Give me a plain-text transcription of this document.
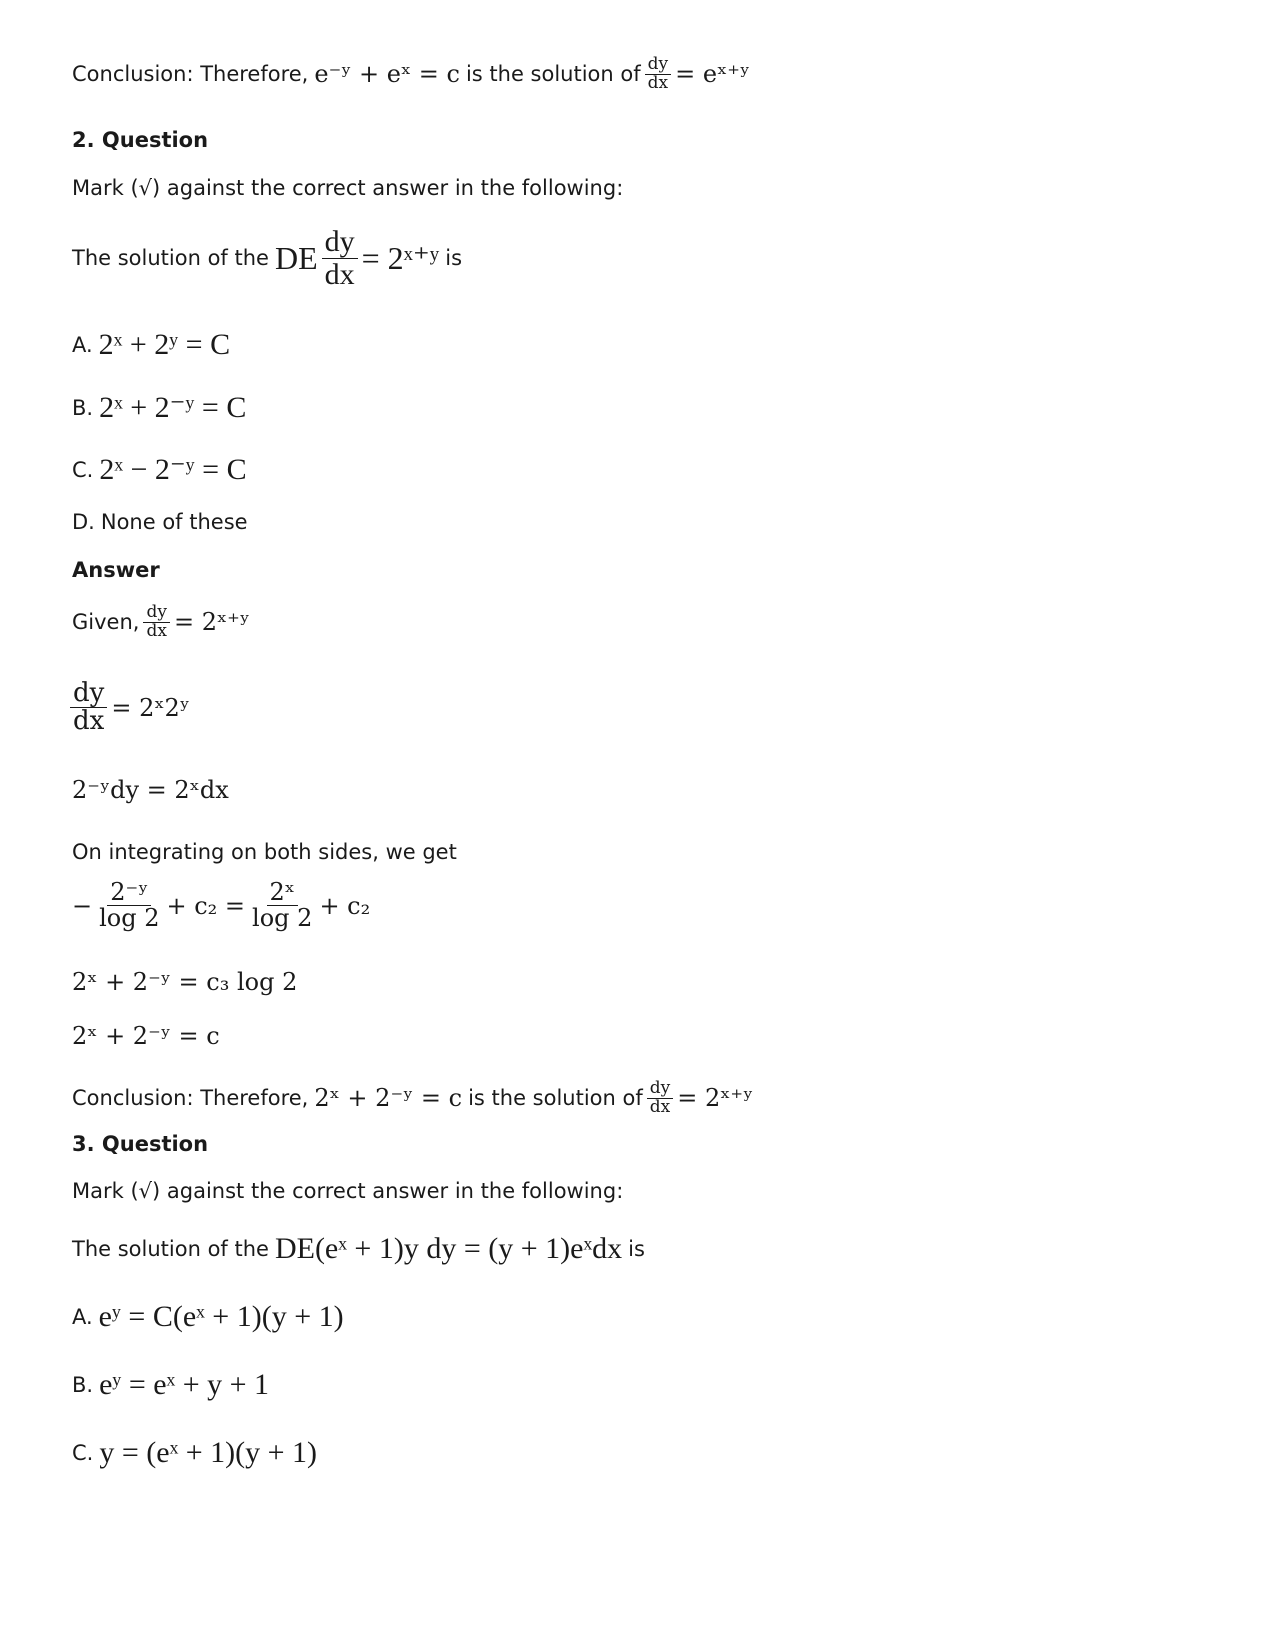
Conclusion: Therefore, e⁻ʸ + eˣ = c is the solution of $\frac{dy}{dx}$ = eˣ⁺ʸ
2. Question
Mark (√) against the correct answer in the following:
The solution of the DE $\frac{dy}{dx}$ = 2ˣ⁺ʸ is
A. 2ˣ + 2ʸ = C
B. 2ˣ + 2⁻ʸ = C
C. 2ˣ − 2⁻ʸ = C
D. None of these
Answer
Given, $\frac{dy}{dx}$ = 2ˣ⁺ʸ
$\frac{dy}{dx}$ = 2ˣ2ʸ
2⁻ʸdy = 2ˣdx
On integrating on both sides, we get
− $\frac{\text{2⁻ʸ}}{\log 2} + c_2 = \frac{\text{2ˣ}}{\log 2} + c_2$
2ˣ + 2⁻ʸ = c₃ log 2
2ˣ + 2⁻ʸ = c
Conclusion: Therefore, 2ˣ + 2⁻ʸ = c is the solution of $\frac{dy}{dx}$ = 2ˣ⁺ʸ
3. Question
Mark (√) against the correct answer in the following:
The solution of the DE(eˣ + 1)y dy = (y + 1)eˣdx is
A. eʸ = C(eˣ + 1)(y + 1)
B. eʸ = eˣ + y + 1
C. y = (eˣ + 1)(y + 1)
